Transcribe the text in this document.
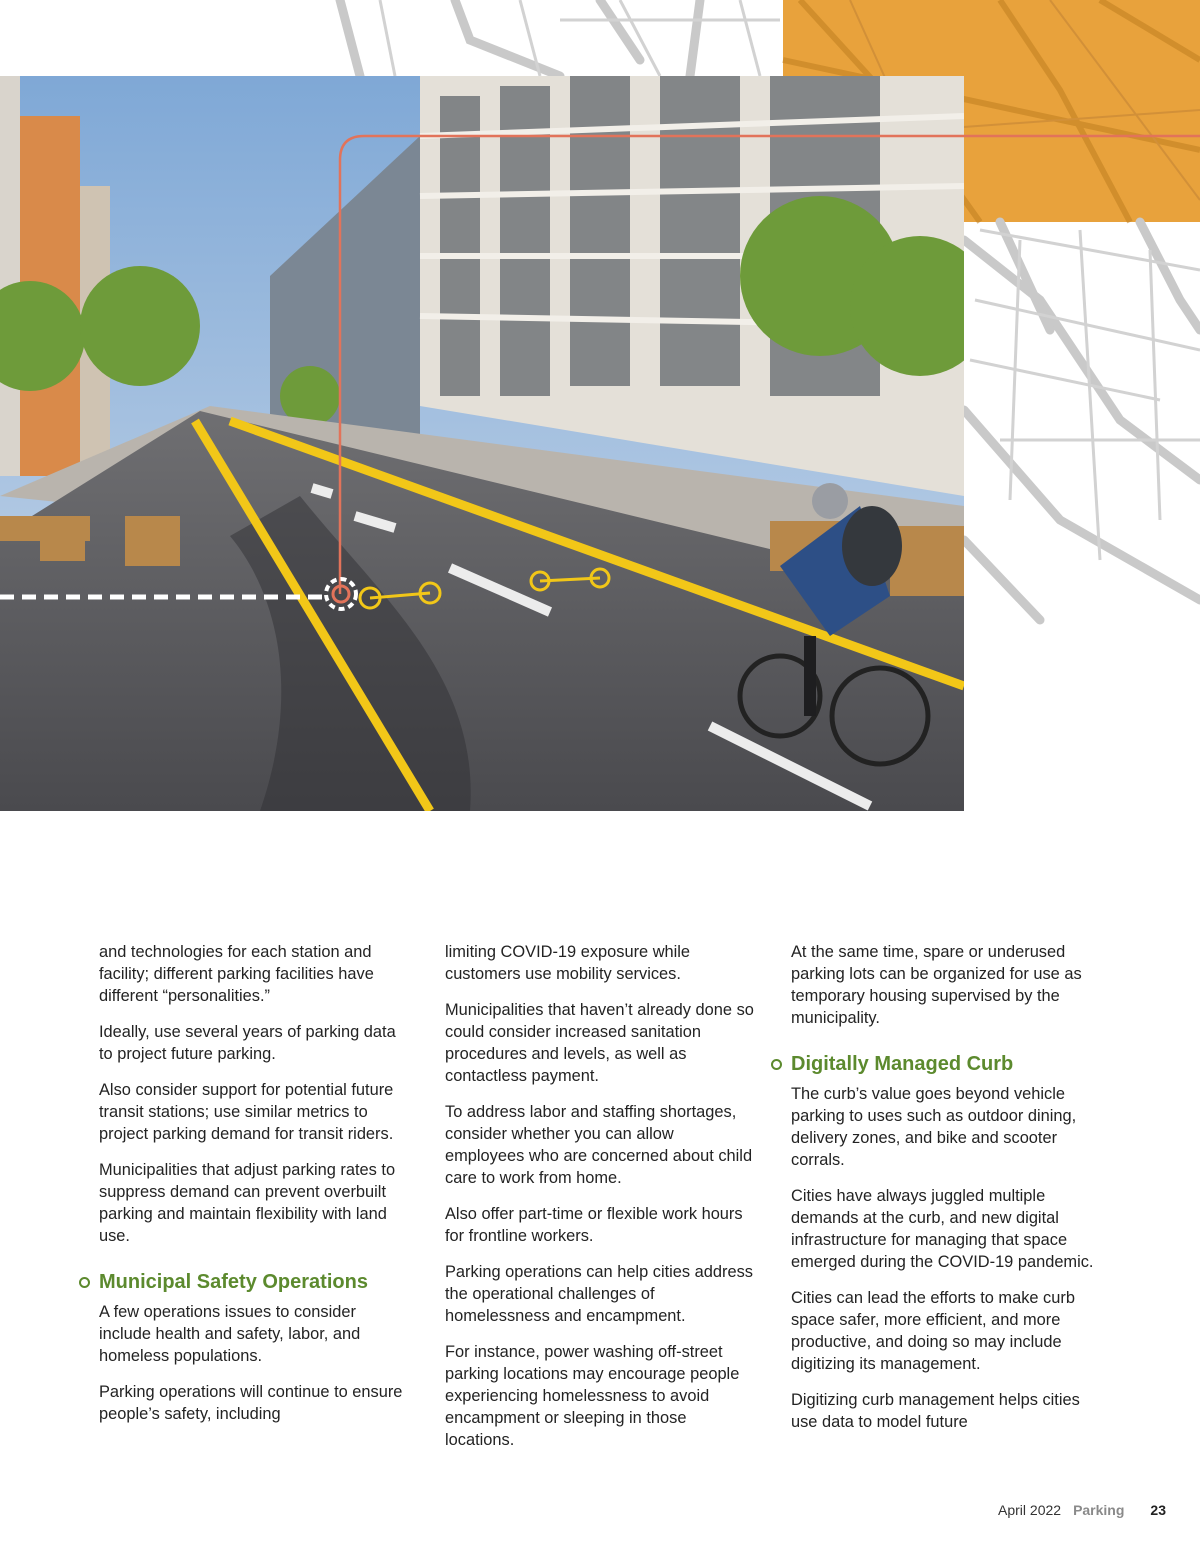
and technologies for each station and facility; different parking facilities have different “personalities.”

Ideally, use several years of parking data to project future parking.

Also consider support for potential future transit stations; use similar metrics to project parking demand for transit riders.

Municipalities that adjust parking rates to suppress demand can prevent overbuilt parking and maintain flexibility with land use.

Municipal Safety Operations

A few operations issues to consider include health and safety, labor, and homeless populations.

Parking operations will continue to ensure people’s safety, including

limiting COVID-19 exposure while customers use mobility services.

Municipalities that haven’t already done so could consider increased sanitation procedures and levels, as well as contactless payment.

To address labor and staffing shortages, consider whether you can allow employees who are concerned about child care to work from home.

Also offer part-time or flexible work hours for frontline workers.

Parking operations can help cities address the operational challenges of homelessness and encampment.

For instance, power washing off-street parking locations may encourage people experiencing homelessness to avoid encampment or sleeping in those locations.

At the same time, spare or underused parking lots can be organized for use as temporary housing supervised by the municipality.

Digitally Managed Curb

The curb’s value goes beyond vehicle parking to uses such as outdoor dining, delivery zones, and bike and scooter corrals.

Cities have always juggled multiple demands at the curb, and new digital infrastructure for managing that space emerged during the COVID-19 pandemic.

Cities can lead the efforts to make curb space safer, more efficient, and more productive, and doing so may include digitizing its management.

Digitizing curb management helps cities use data to model future

April 2022 Parking 23
